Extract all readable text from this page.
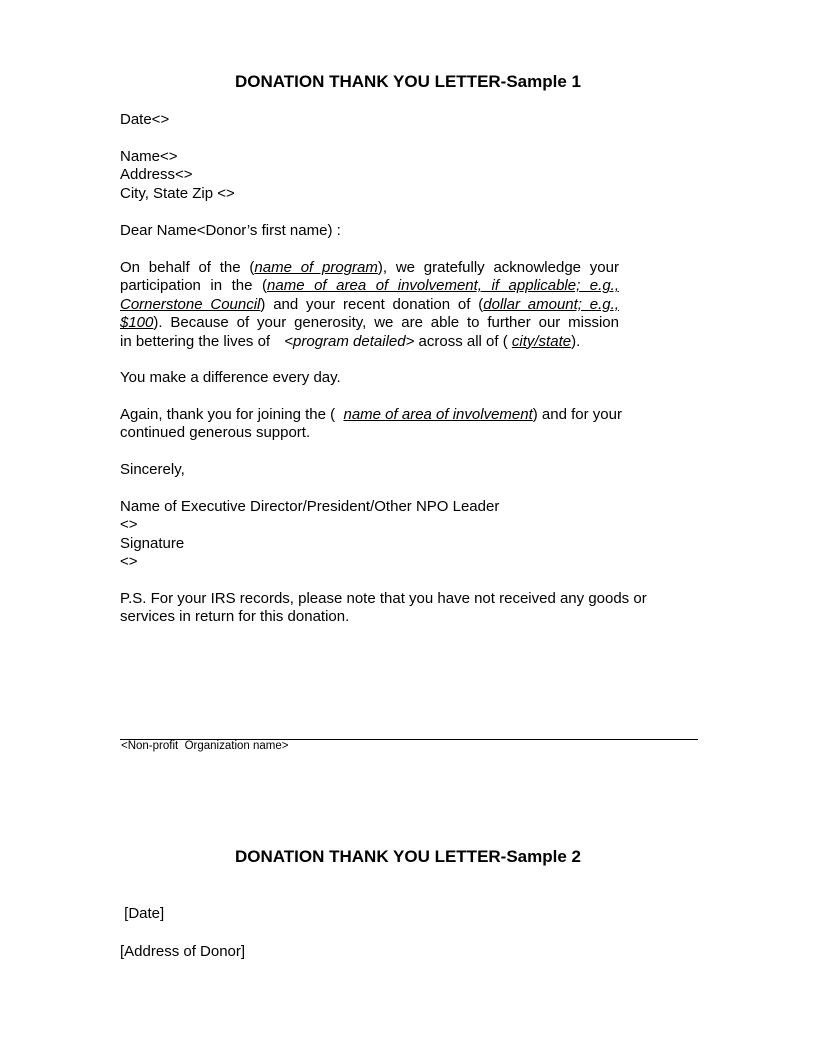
DONATION THANK YOU LETTER-Sample 1

Date<>

Name<>
Address<>
City, State Zip <>

Dear Name<Donor’s first name) :

On behalf of the (name of program), we gratefully acknowledge your
participation in the (name of area of involvement, if applicable; e.g.,
Cornerstone Council) and your recent donation of (dollar amount; e.g.,
$100). Because of your generosity, we are able to further our mission
in bettering the lives of <program detailed> across all of ( city/state).

You make a difference every day.

Again, thank you for joining the (  name of area of involvement) and for your
continued generous support.

Sincerely,

Name of Executive Director/President/Other NPO Leader
<>
Signature
<>

P.S. For your IRS records, please note that you have not received any goods or
services in return for this donation.

<Non-profit  Organization name>
DONATION THANK YOU LETTER-Sample 2

[Date]

[Address of Donor]
